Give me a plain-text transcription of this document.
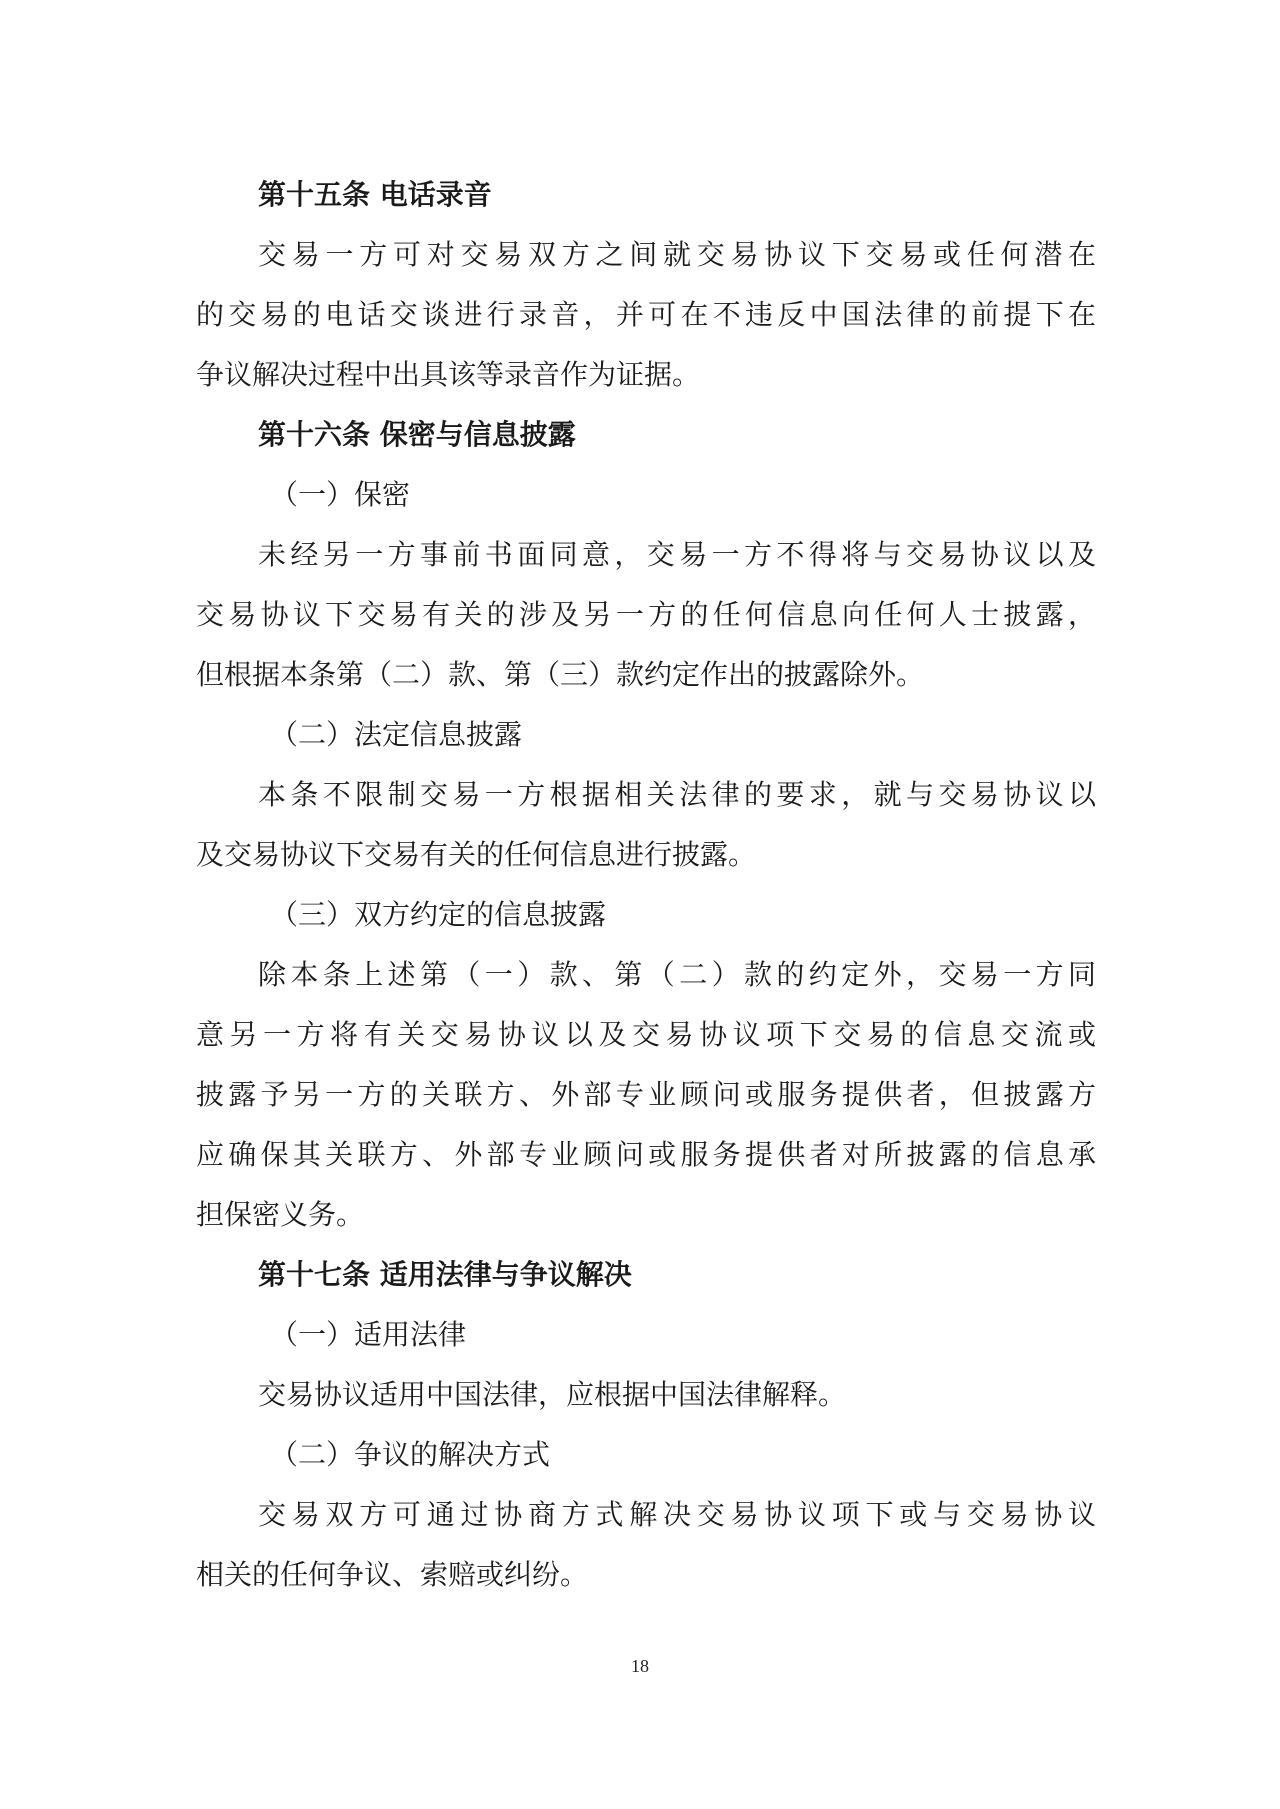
第十五条 电话录音
交易一方可对交易双方之间就交易协议下交易或任何潜在
的交易的电话交谈进行录音，并可在不违反中国法律的前提下在
争议解决过程中出具该等录音作为证据。
第十六条 保密与信息披露
（一）保密
未经另一方事前书面同意，交易一方不得将与交易协议以及
交易协议下交易有关的涉及另一方的任何信息向任何人士披露，
但根据本条第（二）款、第（三）款约定作出的披露除外。
（二）法定信息披露
本条不限制交易一方根据相关法律的要求，就与交易协议以
及交易协议下交易有关的任何信息进行披露。
（三）双方约定的信息披露
除本条上述第（一）款、第（二）款的约定外，交易一方同
意另一方将有关交易协议以及交易协议项下交易的信息交流或
披露予另一方的关联方、外部专业顾问或服务提供者，但披露方
应确保其关联方、外部专业顾问或服务提供者对所披露的信息承
担保密义务。
第十七条 适用法律与争议解决
（一）适用法律
交易协议适用中国法律，应根据中国法律解释。
（二）争议的解决方式
交易双方可通过协商方式解决交易协议项下或与交易协议
相关的任何争议、索赔或纠纷。
18
